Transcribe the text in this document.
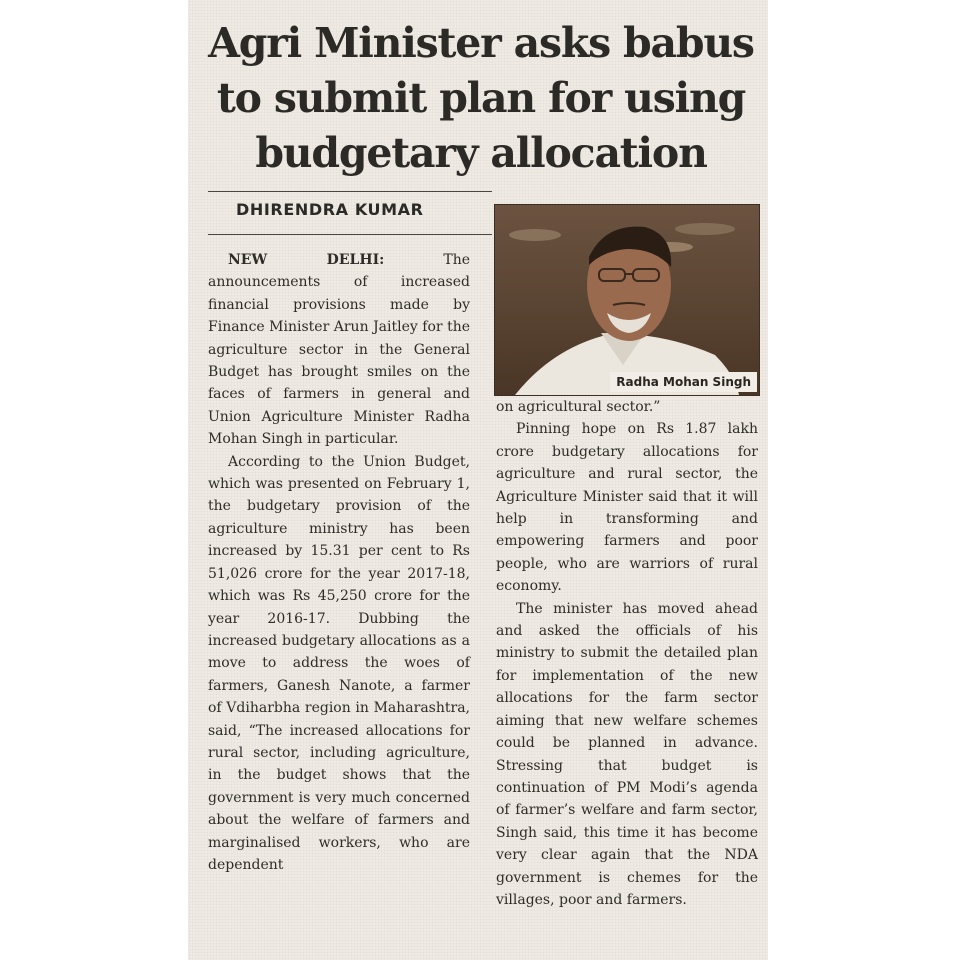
Agri Minister asks babus to submit plan for using budgetary allocation
DHIRENDRA KUMAR
Radha Mohan Singh

NEW DELHI:	The announcements of increased financial provisions made by Finance Minister Arun Jaitley for the agriculture sector in the General Budget has brought smiles on the faces of farmers in general and Union Agriculture Minister Radha Mohan Singh in particular.

According to the Union Budget, which was presented on February 1, the budgetary provision of the agriculture ministry has been increased by 15.31 per cent to Rs 51,026 crore for the year 2017-18, which was Rs 45,250 crore for the year 2016-17. Dubbing the increased budgetary allocations as a move to address the woes of farmers, Ganesh Nanote, a farmer of Vdiharbha region in Maharashtra, said, “The increased allocations for rural sector, including agriculture, in the budget shows that the government is very much concerned about the welfare of farmers and marginalised workers, who are dependent

on agricultural sector.”

Pinning hope on Rs 1.87 lakh crore budgetary allocations for agriculture and rural sector, the Agriculture Minister said that it will help in transforming and empowering farmers and poor people, who are warriors of rural economy.

The minister has moved ahead and asked the officials of his ministry to submit the detailed plan for implementation of the new allocations for the farm sector aiming that new welfare schemes could be planned in advance. Stressing that budget is continuation of PM Modi’s agenda of farmer’s welfare and farm sector, Singh said, this time it has become very clear again that the NDA government is chemes for the villages, poor and farmers.
